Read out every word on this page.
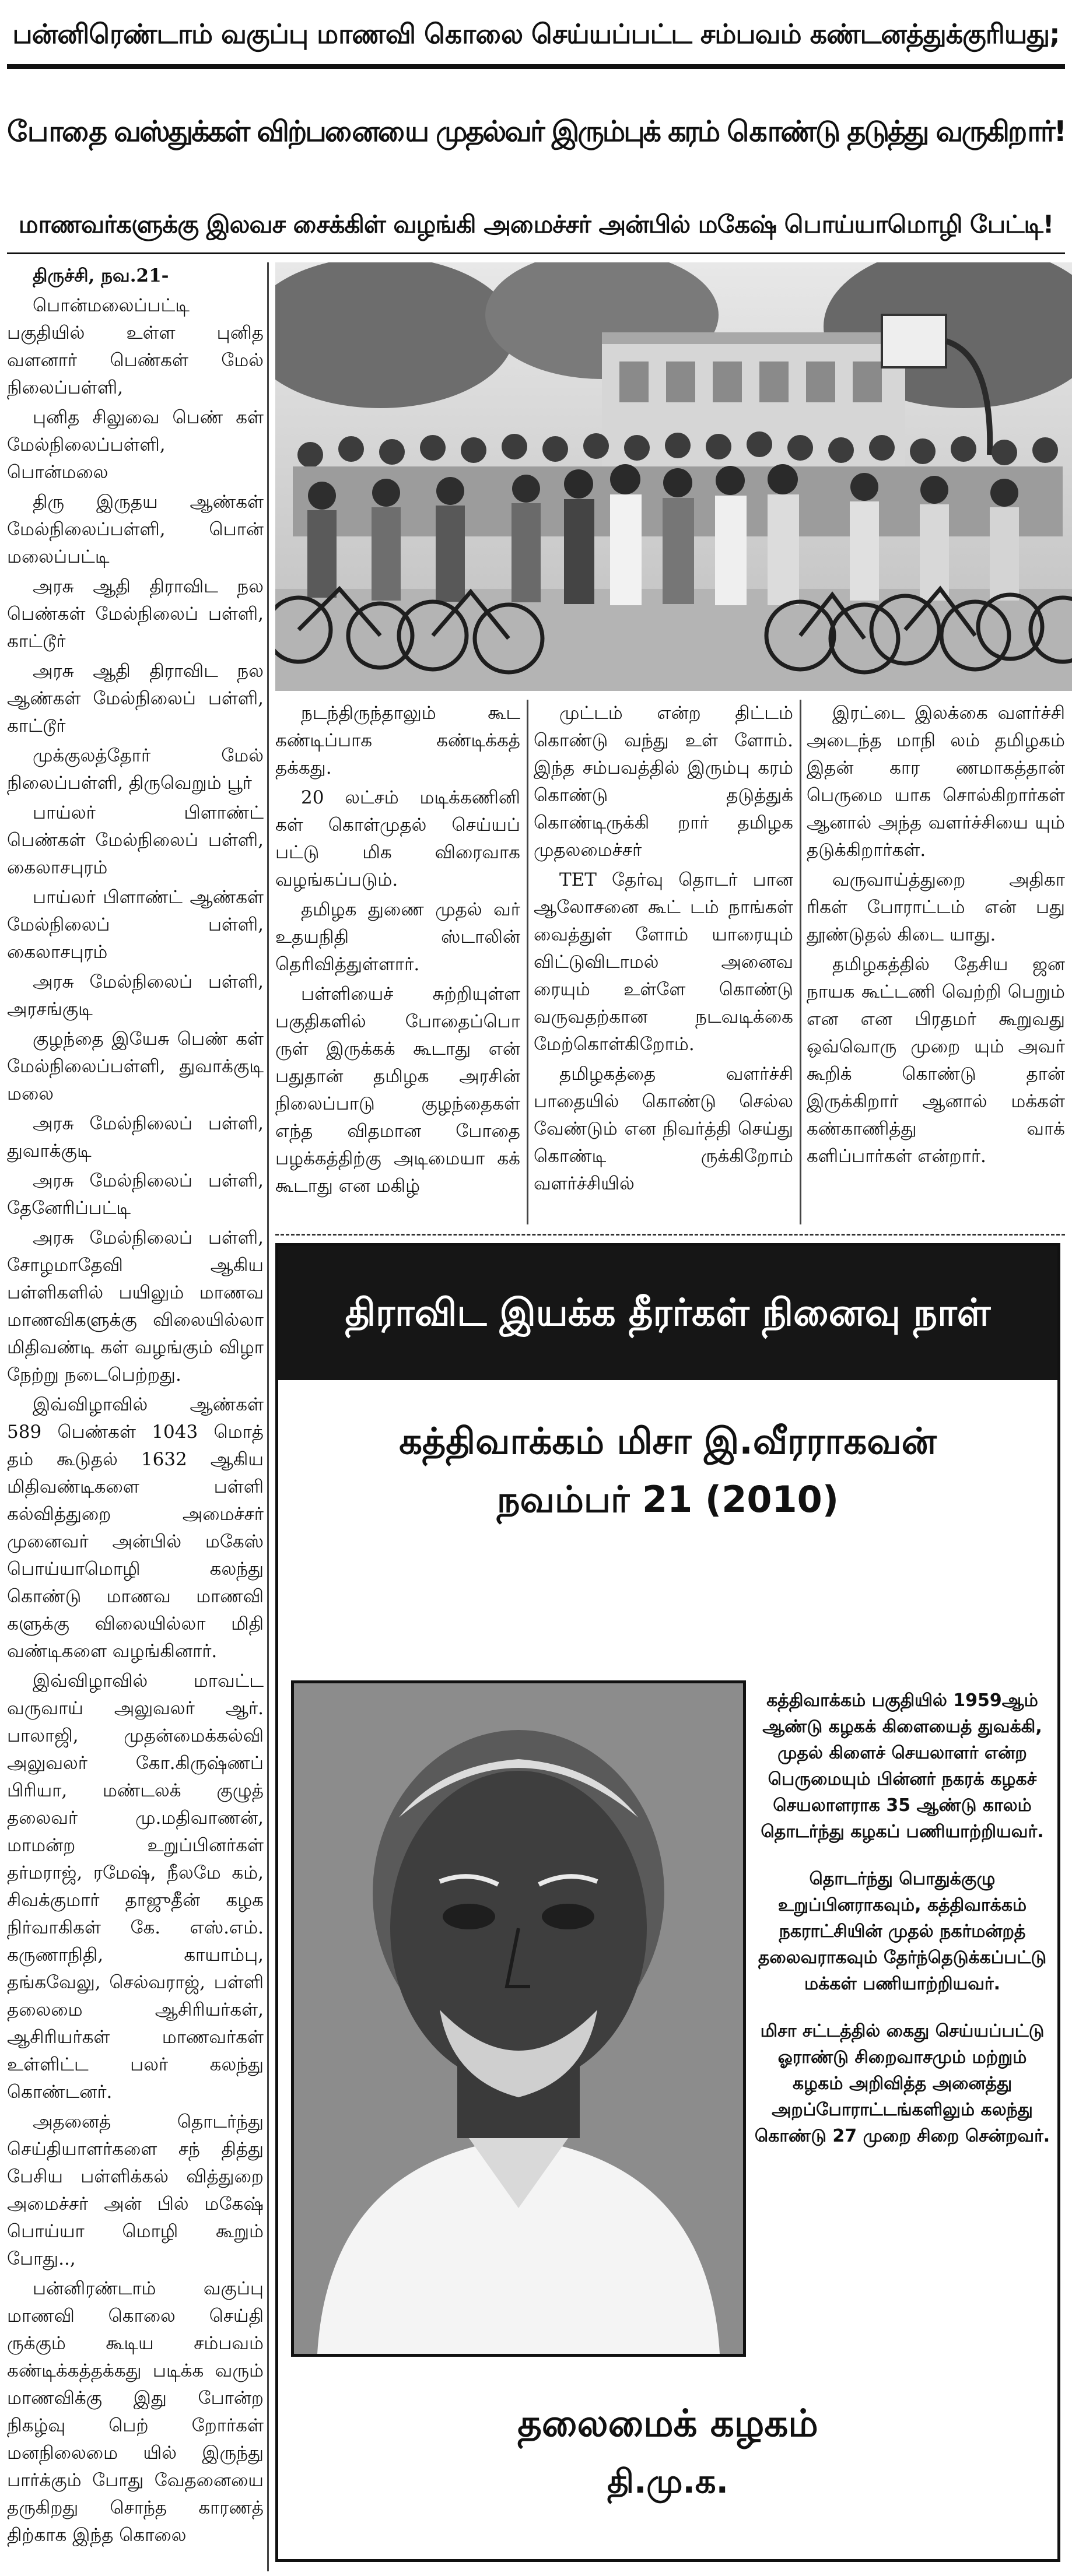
பன்னிரெண்டாம் வகுப்பு மாணவி கொலை செய்யப்பட்ட சம்பவம் கண்டனத்துக்குரியது;
போதை வஸ்துக்கள் விற்பனையை முதல்வர் இரும்புக் கரம் கொண்டு தடுத்து வருகிறார்!
மாணவர்களுக்கு இலவச சைக்கிள் வழங்கி அமைச்சர் அன்பில் மகேஷ் பொய்யாமொழி பேட்டி!

திருச்சி, நவ.21-

பொன்மலைப்பட்டி பகுதியில் உள்ள புனித வளனார் பெண்கள் மேல் நிலைப்பள்ளி,

புனித சிலுவை பெண் கள் மேல்நிலைப்பள்ளி, பொன்மலை

திரு இருதய ஆண்கள் மேல்நிலைப்பள்ளி, பொன் மலைப்பட்டி

அரசு ஆதி திராவிட நல பெண்கள் மேல்நிலைப் பள்ளி, காட்டூர்

அரசு ஆதி திராவிட நல ஆண்கள் மேல்நிலைப் பள்ளி, காட்டூர்

முக்குலத்தோர் மேல் நிலைப்பள்ளி, திருவெறும் பூர்

பாய்லர் பிளாண்ட் பெண்கள் மேல்நிலைப் பள்ளி, கைலாசபுரம்

பாய்லர் பிளாண்ட் ஆண்கள் மேல்நிலைப் பள்ளி, கைலாசபுரம்

அரசு மேல்நிலைப் பள்ளி, அரசங்குடி

குழந்தை இயேசு பெண் கள் மேல்நிலைப்பள்ளி, துவாக்குடி மலை

அரசு மேல்நிலைப் பள்ளி, துவாக்குடி

அரசு மேல்நிலைப் பள்ளி, தேனேரிப்பட்டி

அரசு மேல்நிலைப் பள்ளி, சோழமாதேவி ஆகிய பள்ளிகளில் பயிலும் மாணவ மாணவிகளுக்கு விலையில்லா மிதிவண்டி கள் வழங்கும் விழா நேற்று நடைபெற்றது.

இவ்விழாவில் ஆண்கள் 589 பெண்கள் 1043 மொத் தம் கூடுதல் 1632 ஆகிய மிதிவண்டிகளை பள்ளி கல்வித்துறை அமைச்சர் முனைவர் அன்பில் மகேஸ் பொய்யாமொழி கலந்து கொண்டு மாணவ மாணவி களுக்கு விலையில்லா மிதி வண்டிகளை வழங்கினார்.

இவ்விழாவில் மாவட்ட வருவாய் அலுவலர் ஆர். பாலாஜி, முதன்மைக்கல்வி அலுவலர் கோ.கிருஷ்ணப் பிரியா, மண்டலக் குழுத் தலைவர் மு.மதிவாணன், மாமன்ற உறுப்பினர்கள் தர்மராஜ், ரமேஷ், நீலமே கம், சிவக்குமார் தாஜுதீன் கழக நிர்வாகிகள் கே. எஸ்.எம். கருணாநிதி, காயாம்பு, தங்கவேலு, செல்வராஜ், பள்ளி தலைமை ஆசிரியர்கள், ஆசிரியர்கள் மாணவர்கள் உள்ளிட்ட பலர் கலந்து கொண்டனர்.

அதனைத் தொடர்ந்து செய்தியாளர்களை சந் தித்து பேசிய பள்ளிக்கல் வித்துறை அமைச்சர் அன் பில் மகேஷ் பொய்யா மொழி கூறும் போது..,

பன்னிரண்டாம் வகுப்பு மாணவி கொலை செய்தி ருக்கும் கூடிய சம்பவம் கண்டிக்கத்தக்கது படிக்க வரும் மாணவிக்கு இது போன்ற நிகழ்வு பெற் றோர்கள் மனநிலைமை யில் இருந்து பார்க்கும் போது வேதனையை தருகிறது சொந்த காரணத் திற்காக இந்த கொலை

நடந்திருந்தாலும் கூட கண்டிப்பாக கண்டிக்கத் தக்கது.

20 லட்சம் மடிக்கணினி கள் கொள்முதல் செய்யப் பட்டு மிக விரைவாக வழங்கப்படும்.

தமிழக துணை முதல் வர் உதயநிதி ஸ்டாலின் தெரிவித்துள்ளார்.

பள்ளியைச் சுற்றியுள்ள பகுதிகளில் போதைப்பொ ருள் இருக்கக் கூடாது என் பதுதான் தமிழக அரசின் நிலைப்பாடு குழந்தைகள் எந்த விதமான போதை பழக்கத்திற்கு அடிமையா கக் கூடாது என மகிழ்

முட்டம் என்ற திட்டம் கொண்டு வந்து உள் ளோம். இந்த சம்பவத்தில் இரும்பு கரம் கொண்டு தடுத்துக் கொண்டிருக்கி றார் தமிழக முதலமைச்சர்

TET தேர்வு தொடர் பான ஆலோசனை கூட் டம் நாங்கள் வைத்துள் ளோம் யாரையும் விட்டுவிடாமல் அனைவ ரையும் உள்ளே கொண்டு வருவதற்கான நடவடிக்கை மேற்கொள்கிறோம்.

தமிழகத்தை வளர்ச்சி பாதையில் கொண்டு செல்ல வேண்டும் என நிவர்த்தி செய்து கொண்டி ருக்கிறோம் வளர்ச்சியில்

இரட்டை இலக்கை வளர்ச்சி அடைந்த மாநி லம் தமிழகம் இதன் கார ணமாகத்தான் பெருமை யாக சொல்கிறார்கள் ஆனால் அந்த வளர்ச்சியை யும் தடுக்கிறார்கள்.

வருவாய்த்துறை அதிகா ரிகள் போராட்டம் என் பது தூண்டுதல் கிடை யாது.

தமிழகத்தில் தேசிய ஜன நாயக கூட்டணி வெற்றி பெறும் என என பிரதமர் கூறுவது ஒவ்வொரு முறை யும் அவர் கூறிக் கொண்டு தான் இருக்கிறார் ஆனால் மக்கள் கண்காணித்து வாக் களிப்பார்கள் என்றார்.

திராவிட இயக்க தீரர்கள் நினைவு நாள்
கத்திவாக்கம் மிசா இ.வீரராகவன்
நவம்பர் 21 (2010)

கத்திவாக்கம் பகுதியில் 1959ஆம் ஆண்டு கழகக் கிளையைத் துவக்கி, முதல் கிளைச் செயலாளர் என்ற பெருமையும் பின்னர் நகரக் கழகச் செயலாளராக 35 ஆண்டு காலம் தொடர்ந்து கழகப் பணியாற்றியவர்.

தொடர்ந்து பொதுக்குழு உறுப்பினராகவும், கத்திவாக்கம் நகராட்சியின் முதல் நகர்மன்றத் தலைவராகவும் தேர்ந்தெடுக்கப்பட்டு மக்கள் பணியாற்றியவர்.

மிசா சட்டத்தில் கைது செய்யப்பட்டு ஓராண்டு சிறைவாசமும் மற்றும் கழகம் அறிவித்த அனைத்து அறப்போராட்டங்களிலும் கலந்து கொண்டு 27 முறை சிறை சென்றவர்.

தலைமைக் கழகம்
தி.மு.க.
